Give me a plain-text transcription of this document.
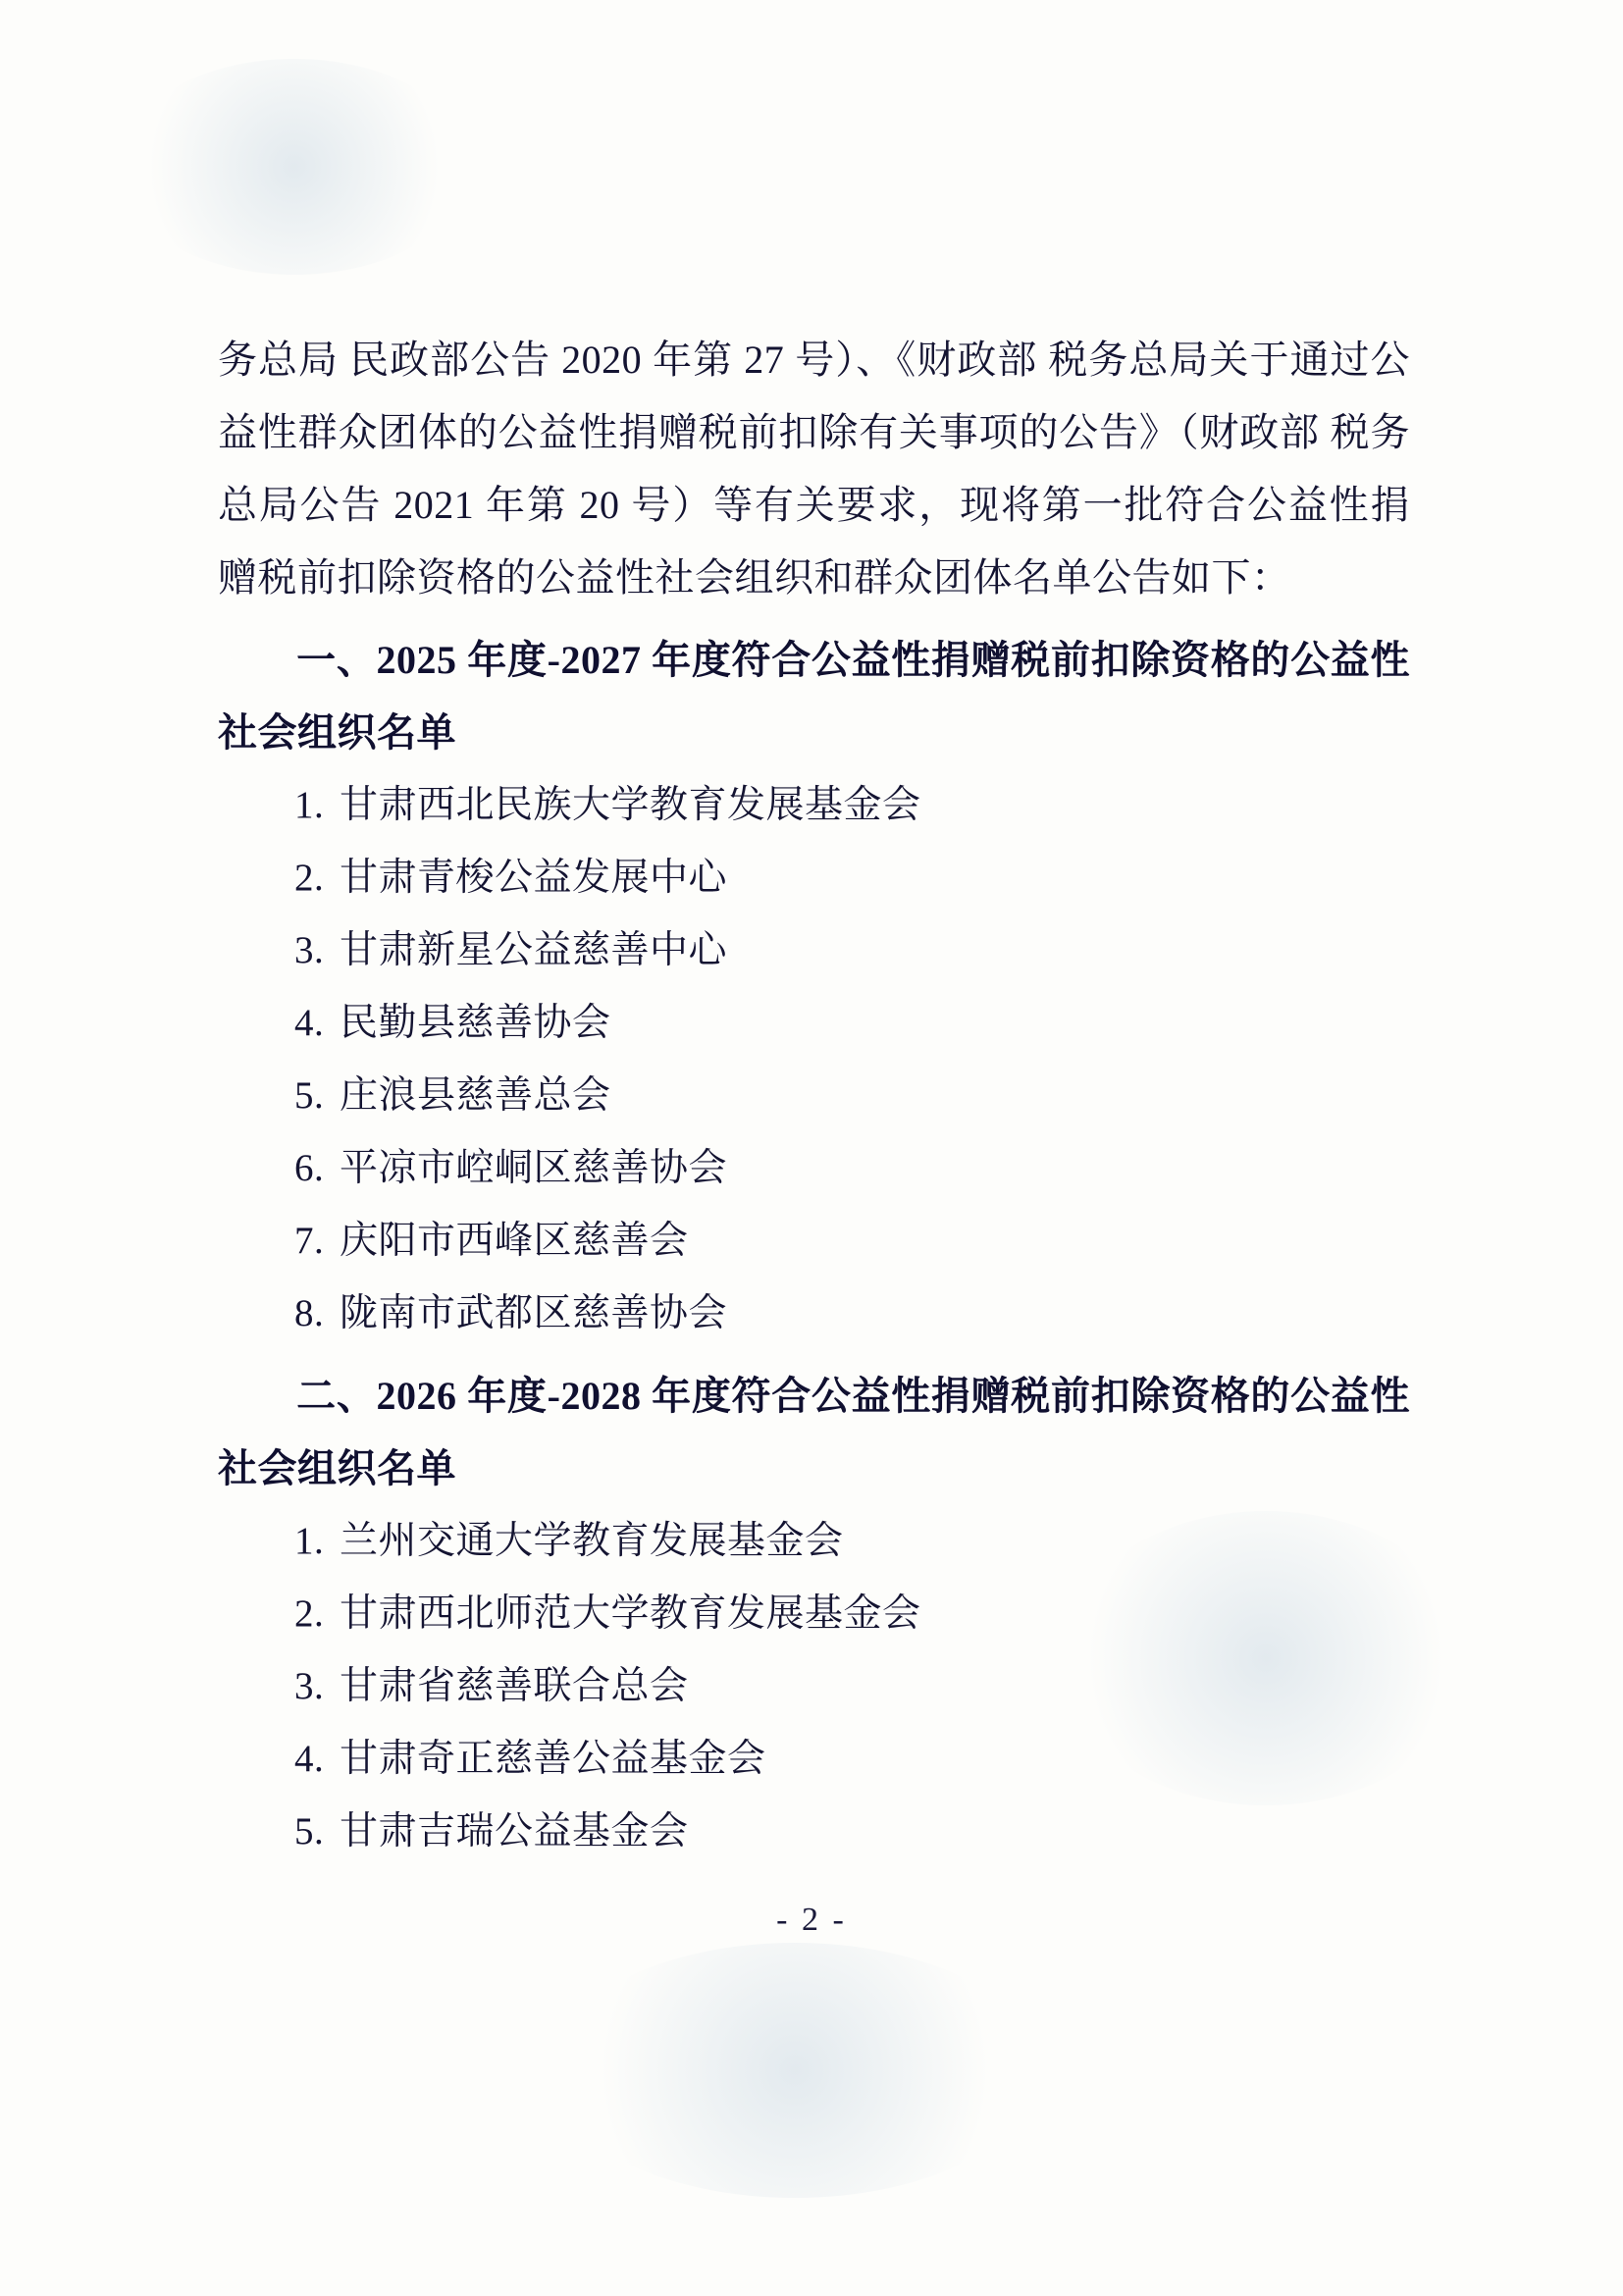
务总局 民政部公告 2020 年第 27 号）、《财政部 税务总局关于通过公益性群众团体的公益性捐赠税前扣除有关事项的公告》（财政部 税务总局公告 2021 年第 20 号）等有关要求，现将第一批符合公益性捐赠税前扣除资格的公益性社会组织和群众团体名单公告如下：

一、2025 年度-2027 年度符合公益性捐赠税前扣除资格的公益性社会组织名单

1. 甘肃西北民族大学教育发展基金会
2. 甘肃青梭公益发展中心
3. 甘肃新星公益慈善中心
4. 民勤县慈善协会
5. 庄浪县慈善总会
6. 平凉市崆峒区慈善协会
7. 庆阳市西峰区慈善会
8. 陇南市武都区慈善协会

二、2026 年度-2028 年度符合公益性捐赠税前扣除资格的公益性社会组织名单

1. 兰州交通大学教育发展基金会
2. 甘肃西北师范大学教育发展基金会
3. 甘肃省慈善联合总会
4. 甘肃奇正慈善公益基金会
5. 甘肃吉瑞公益基金会
- 2 -
